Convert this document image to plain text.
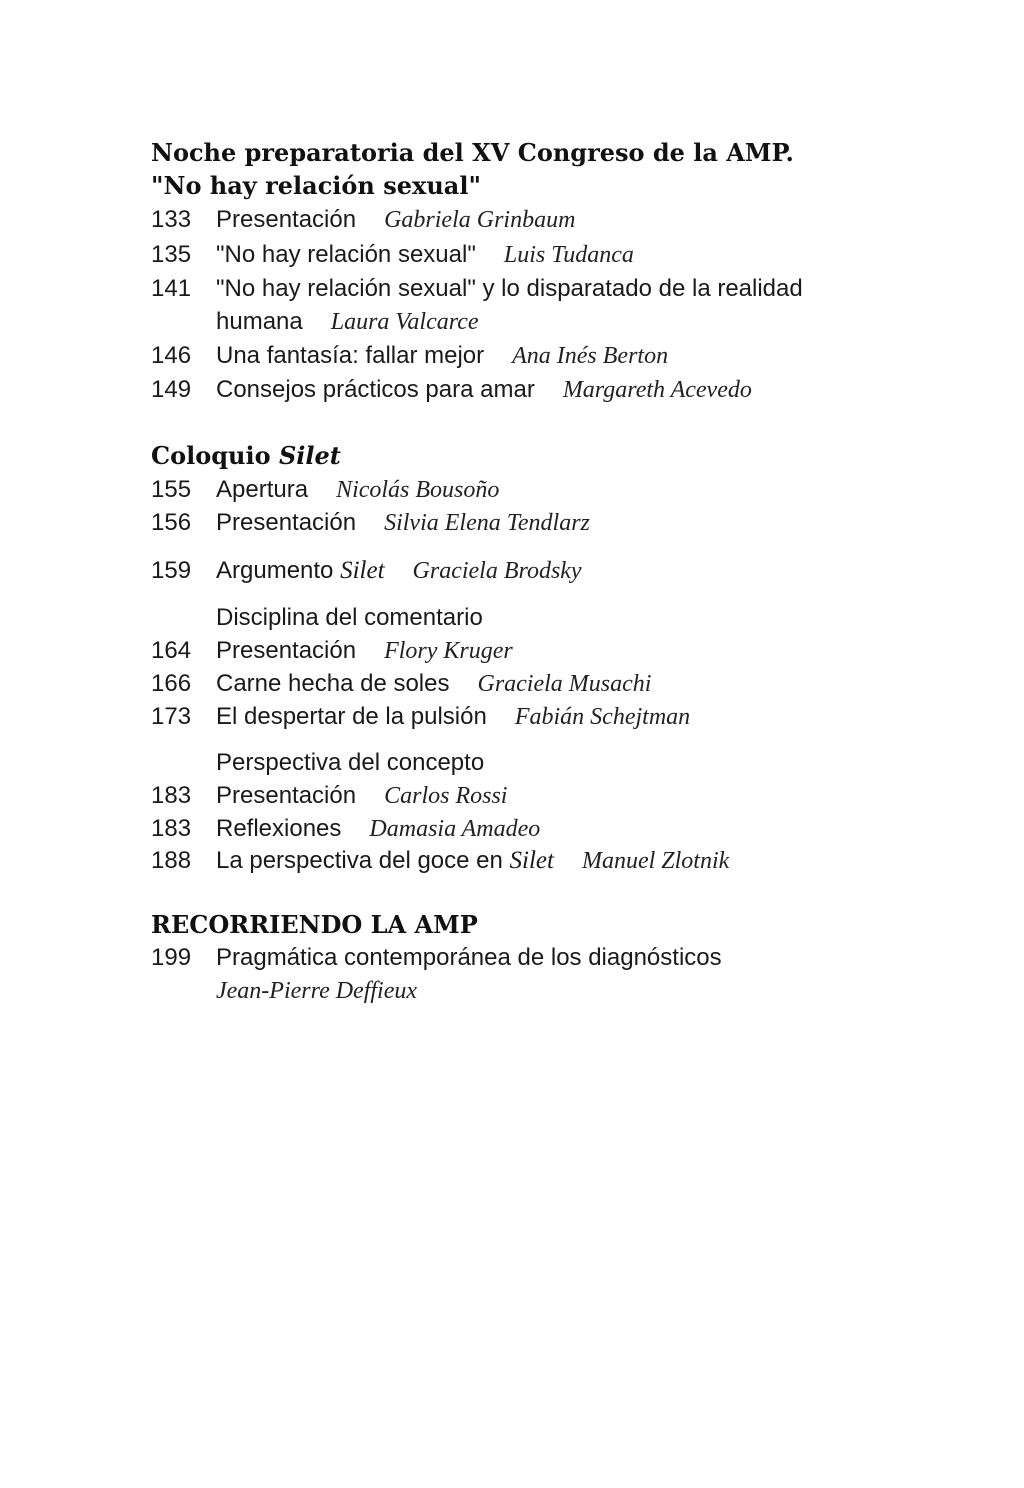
Noche preparatoria del XV Congreso de la AMP.
"No hay relación sexual"
133 Presentación Gabriela Grinbaum
135 "No hay relación sexual" Luis Tudanca
141 "No hay relación sexual" y lo disparatado de la realidad
humana Laura Valcarce
146 Una fantasía: fallar mejor Ana Inés Berton
149 Consejos prácticos para amar Margareth Acevedo
Coloquio Silet
155 Apertura Nicolás Bousoño
156 Presentación Silvia Elena Tendlarz
159 Argumento Silet Graciela Brodsky
Disciplina del comentario
164 Presentación Flory Kruger
166 Carne hecha de soles Graciela Musachi
173 El despertar de la pulsión Fabián Schejtman
Perspectiva del concepto
183 Presentación Carlos Rossi
183 Reflexiones Damasia Amadeo
188 La perspectiva del goce en Silet Manuel Zlotnik
RECORRIENDO LA AMP
199 Pragmática contemporánea de los diagnósticos
Jean-Pierre Deffieux
